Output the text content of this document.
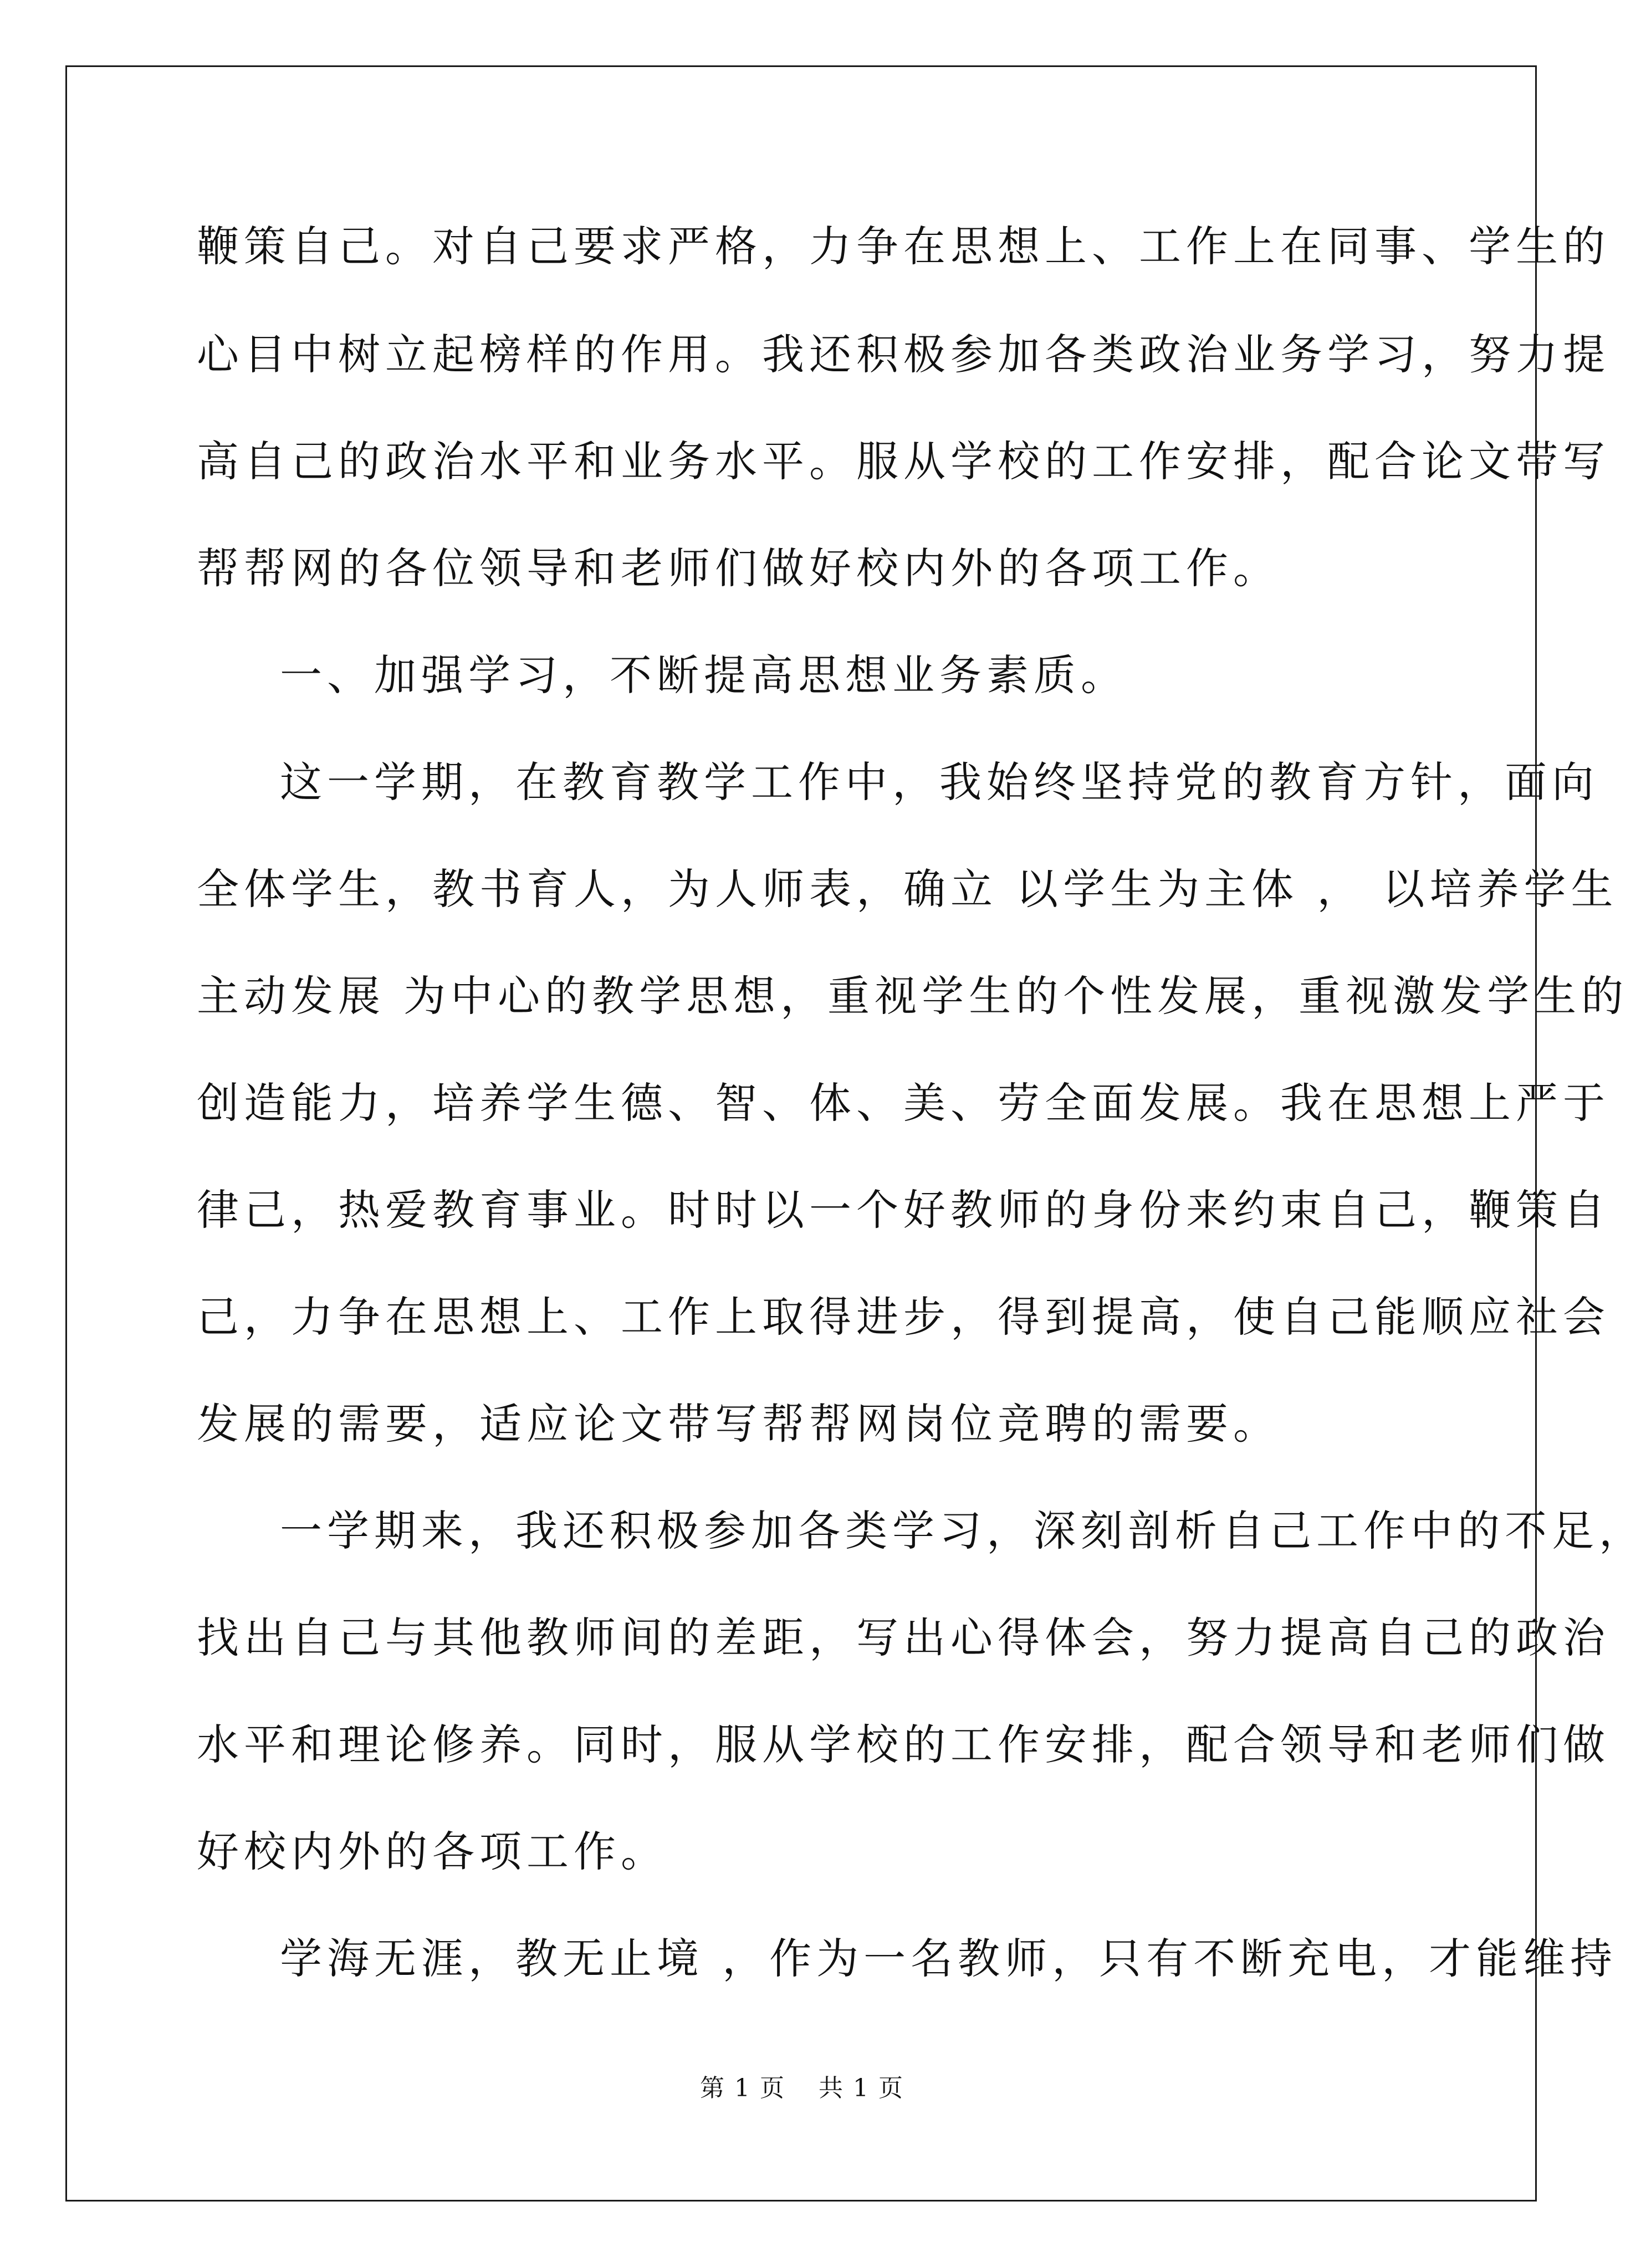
鞭策自己。对自己要求严格，力争在思想上、工作上在同事、学生的
心目中树立起榜样的作用。我还积极参加各类政治业务学习，努力提
高自己的政治水平和业务水平。服从学校的工作安排，配合论文带写
帮帮网的各位领导和老师们做好校内外的各项工作。
一、加强学习，不断提高思想业务素质。
这一学期，在教育教学工作中，我始终坚持党的教育方针，面向
全体学生，教书育人，为人师表，确立 以学生为主体 ， 以培养学生
主动发展 为中心的教学思想，重视学生的个性发展，重视激发学生的
创造能力，培养学生德、智、体、美、劳全面发展。我在思想上严于
律己，热爱教育事业。时时以一个好教师的身份来约束自己，鞭策自
己，力争在思想上、工作上取得进步，得到提高，使自己能顺应社会
发展的需要，适应论文带写帮帮网岗位竞聘的需要。
一学期来，我还积极参加各类学习，深刻剖析自己工作中的不足，
找出自己与其他教师间的差距，写出心得体会，努力提高自己的政治
水平和理论修养。同时，服从学校的工作安排，配合领导和老师们做
好校内外的各项工作。
学海无涯，教无止境 ，作为一名教师，只有不断充电，才能维持
第 1 页 共 1 页
